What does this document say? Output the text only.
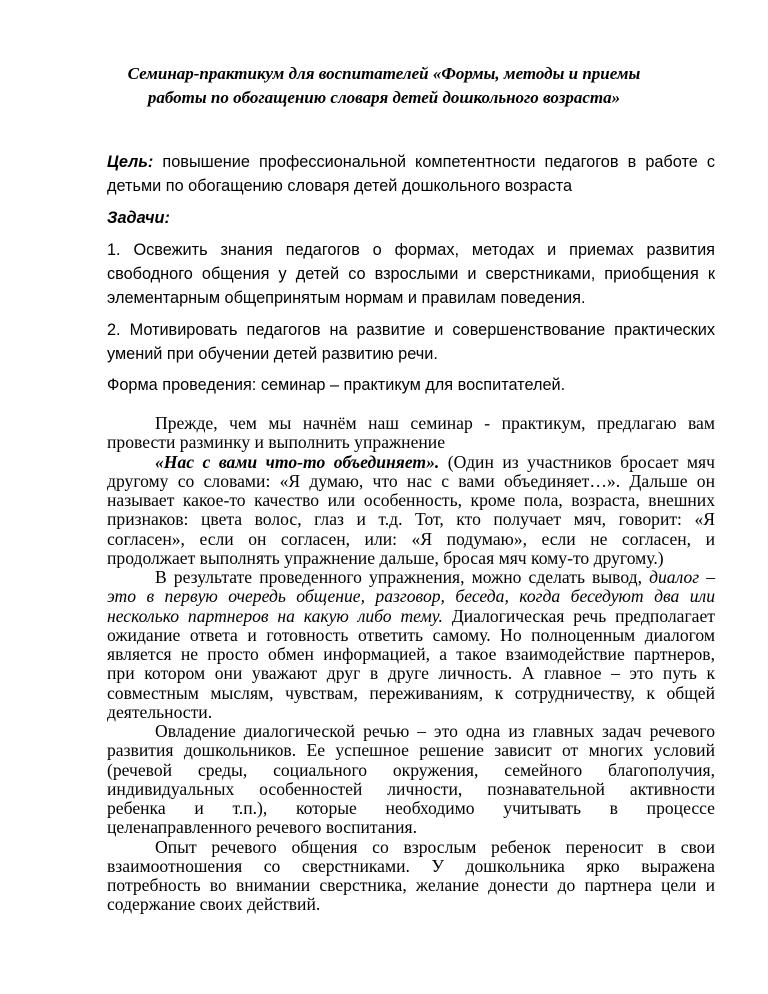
Семинар-практикум для воспитателей «Формы, методы и приемы
работы по обогащению словаря детей дошкольного возраста»
Цель: повышение профессиональной компетентности педагогов в работе с
детьми по обогащению словаря детей дошкольного возраста
Задачи:
1. Освежить знания педагогов о формах, методах и приемах развития
свободного общения у детей со взрослыми и сверстниками, приобщения к
элементарным общепринятым нормам и правилам поведения.
2. Мотивировать педагогов на развитие и совершенствование практических
умений при обучении детей развитию речи.
Форма проведения: семинар – практикум для воспитателей.
Прежде, чем мы начнём наш семинар - практикум, предлагаю вам
провести разминку и выполнить упражнение
«Нас с вами что-то объединяет». (Один из участников бросает мяч
другому со словами: «Я думаю, что нас с вами объединяет…». Дальше он
называет какое-то качество или особенность, кроме пола, возраста, внешних
признаков: цвета волос, глаз и т.д. Тот, кто получает мяч, говорит: «Я
согласен», если он согласен, или: «Я подумаю», если не согласен, и
продолжает выполнять упражнение дальше, бросая мяч кому-то другому.)
В результате проведенного упражнения, можно сделать вывод, диалог –
это в первую очередь общение, разговор, беседа, когда беседуют два или
несколько партнеров на какую либо тему. Диалогическая речь предполагает
ожидание ответа и готовность ответить самому. Но полноценным диалогом
является не просто обмен информацией, а такое взаимодействие партнеров,
при котором они уважают друг в друге личность. А главное – это путь к
совместным мыслям, чувствам, переживаниям, к сотрудничеству, к общей
деятельности.
Овладение диалогической речью – это одна из главных задач речевого
развития дошкольников. Ее успешное решение зависит от многих условий
(речевой среды, социального окружения, семейного благополучия,
индивидуальных особенностей личности, познавательной активности
ребенка и т.п.), которые необходимо учитывать в процессе
целенаправленного речевого воспитания.
Опыт речевого общения со взрослым ребенок переносит в свои
взаимоотношения со сверстниками. У дошкольника ярко выражена
потребность во внимании сверстника, желание донести до партнера цели и
содержание своих действий.
